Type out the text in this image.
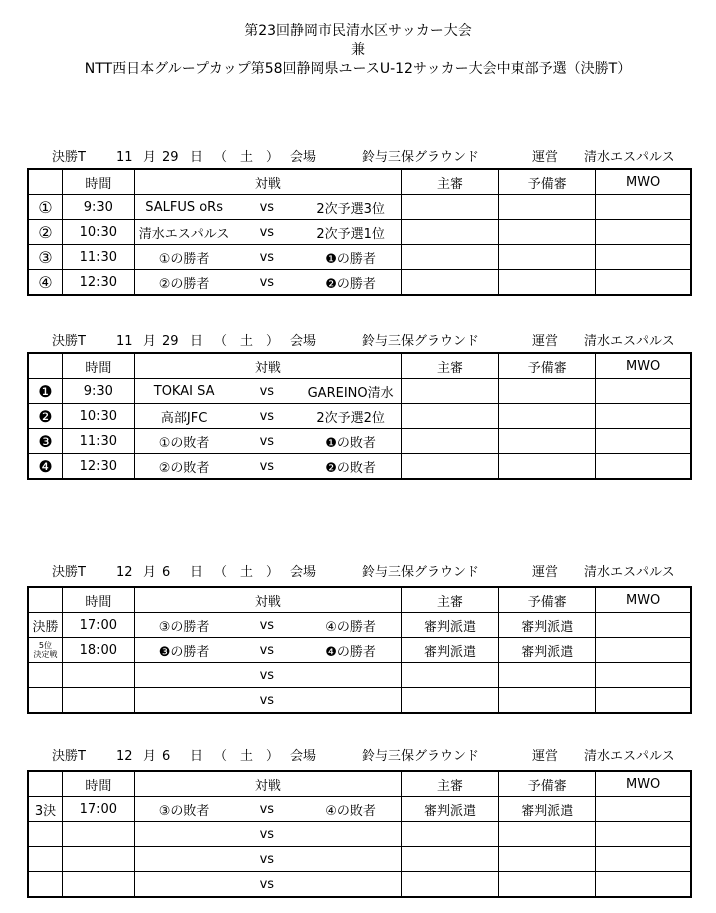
第23回静岡市民清水区サッカー大会
兼
NTT西日本グループカップ第58回静岡県ユースU-12サッカー大会中東部予選（決勝T）
決勝T 11 月 29 日 （　土　） 会場	鈴与三保グラウンド	運営 清水エスパルス
	時間	対戦			主審	予備審	MWO
①	9:30	SALFUS oRs	vs	2次予選3位			
②	10:30	清水エスパルス	vs	2次予選1位			
③	11:30	①の勝者	vs	❶の勝者			
④	12:30	②の勝者	vs	❷の勝者			
決勝T 11 月 29 日 （　土　） 会場	鈴与三保グラウンド	運営 清水エスパルス
	時間	対戦			主審	予備審	MWO
❶	9:30	TOKAI SA	vs	GAREINO清水			
❷	10:30	高部JFC	vs	2次予選2位			
❸	11:30	①の敗者	vs	❶の敗者			
❹	12:30	②の敗者	vs	❷の敗者			
決勝T 12 月 6 日 （　土　） 会場	鈴与三保グラウンド	運営 清水エスパルス
	時間	対戦			主審	予備審	MWO
決勝	17:00	③の勝者	vs	④の勝者	審判派遣	審判派遣	
5位
決定戦	18:00	❸の勝者	vs	❹の勝者	審判派遣	審判派遣	
			vs				
			vs				
決勝T 12 月 6 日 （　土　） 会場	鈴与三保グラウンド	運営 清水エスパルス
	時間	対戦			主審	予備審	MWO
3決	17:00	③の敗者	vs	④の敗者	審判派遣	審判派遣	
			vs				
			vs				
			vs				
